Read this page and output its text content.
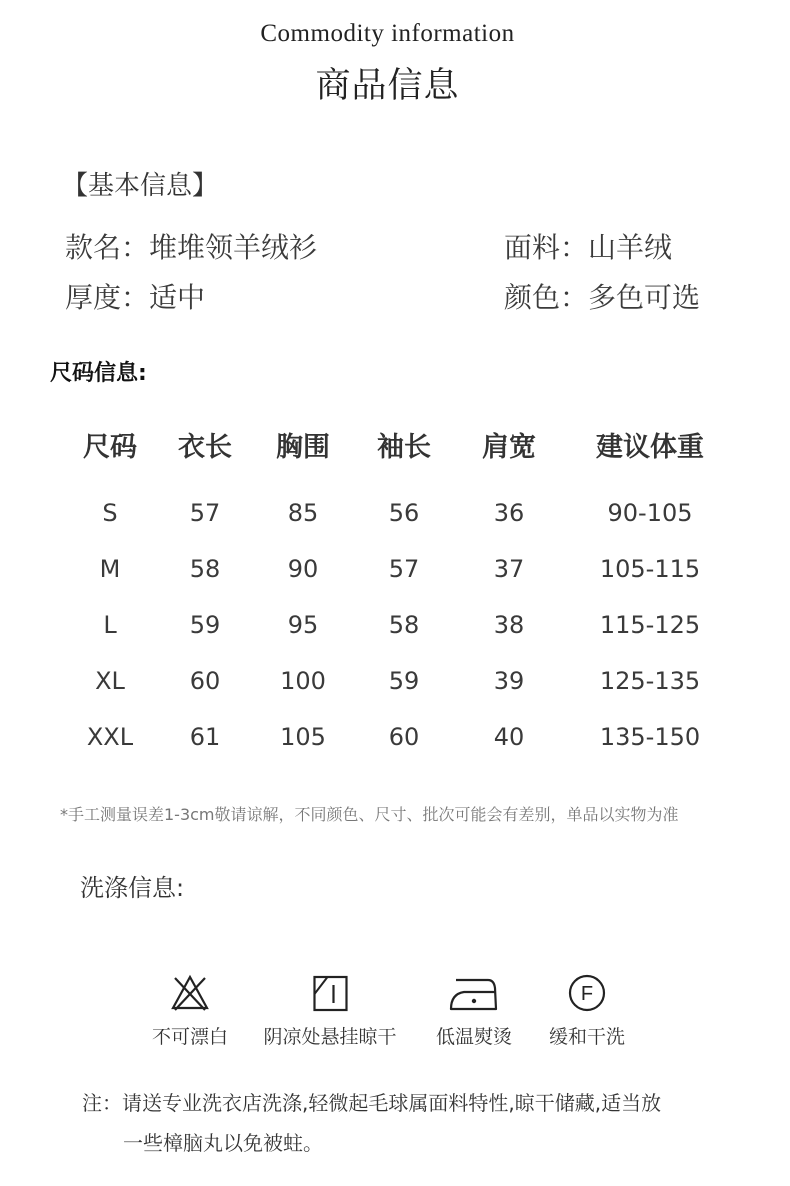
Commodity information
商品信息
【基本信息】
款名：堆堆领羊绒衫	面料：山羊绒
厚度：适中	颜色：多色可选
尺码信息:
尺码 衣长 胸围 袖长 肩宽 建议体重
S	57	85	56	36	90-105
M	58	90	57	37	105-115
L	59	95	58	38	115-125
XL	60 100	59	39	125-135
XXL 61 105	60	40	135-150
*手工测量误差1-3cm敬请谅解，不同颜色、尺寸、批次可能会有差别，单品以实物为准
洗涤信息:
不可漂白 阴凉处悬挂晾干 低温熨烫
F
缓和干洗
注：请送专业洗衣店洗涤,轻微起毛球属面料特性,晾干储藏,适当放
一些樟脑丸以免被蛀。
